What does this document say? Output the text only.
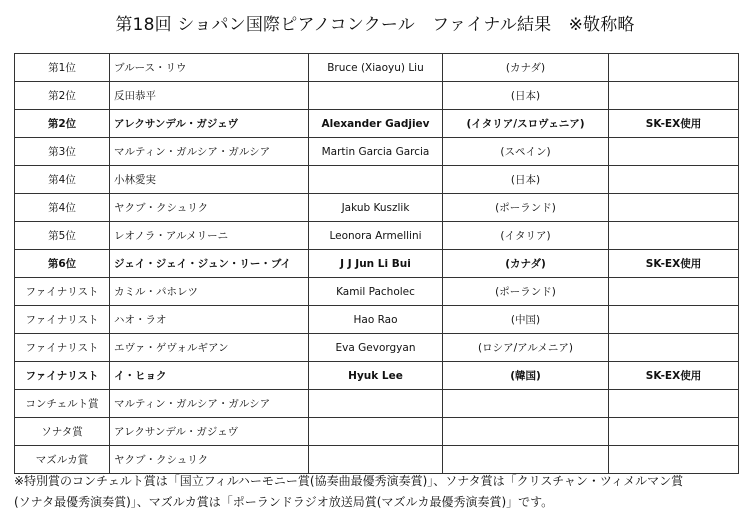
第18回 ショパン国際ピアノコンクール　ファイナル結果　※敬称略
第1位	ブルース・リウ	Bruce (Xiaoyu) Liu	(カナダ)	
第2位	反田恭平		(日本)	
第2位	アレクサンデル・ガジェヴ	Alexander Gadjiev	(イタリア/スロヴェニア)	SK-EX使用
第3位	マルティン・ガルシア・ガルシア	Martin Garcia Garcia	(スペイン)	
第4位	小林愛実		(日本)	
第4位	ヤクブ・クシュリク	Jakub Kuszlik	(ポーランド)	
第5位	レオノラ・アルメリーニ	Leonora Armellini	(イタリア)	
第6位	ジェイ・ジェイ・ジュン・リー・ブイ	J J Jun Li Bui	(カナダ)	SK-EX使用
ファイナリスト	カミル・パホレツ	Kamil Pacholec	(ポーランド)	
ファイナリスト	ハオ・ラオ	Hao Rao	(中国)	
ファイナリスト	エヴァ・ゲヴォルギアン	Eva Gevorgyan	(ロシア/アルメニア)	
ファイナリスト	イ・ヒョク	Hyuk Lee	(韓国)	SK-EX使用
コンチェルト賞	マルティン・ガルシア・ガルシア			
ソナタ賞	アレクサンデル・ガジェヴ			
マズルカ賞	ヤクブ・クシュリク			
※特別賞のコンチェルト賞は「国立フィルハーモニー賞(協奏曲最優秀演奏賞)」、ソナタ賞は「クリスチャン・ツィメルマン賞
(ソナタ最優秀演奏賞)」、マズルカ賞は「ポーランドラジオ放送局賞(マズルカ最優秀演奏賞)」です。
